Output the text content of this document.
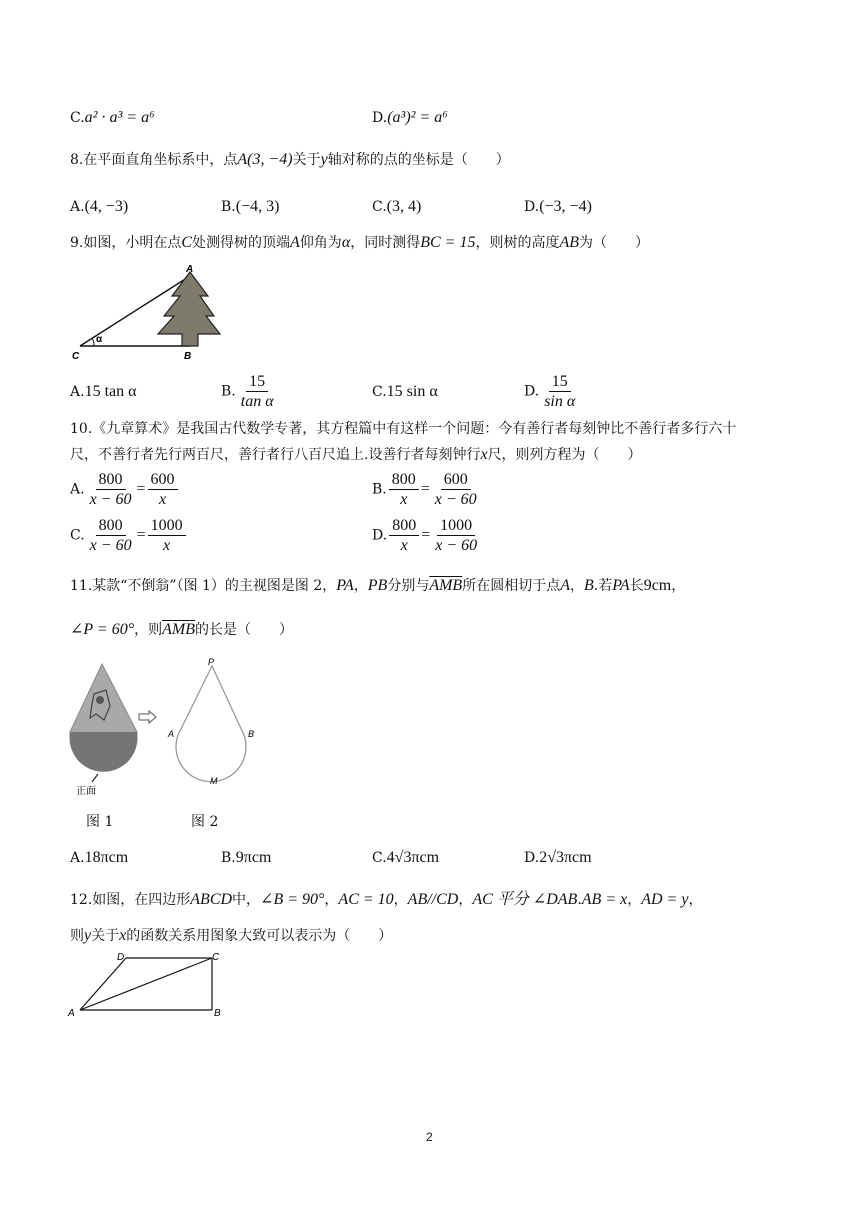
C.a² · a³ = a⁶	D.(a³)² = a⁶
8.在平面直角坐标系中，点A(3, −4)关于y轴对称的点的坐标是（　　）
A.(4, −3)	B.(−4, 3)	C.(3, 4)	D.(−3, −4)
9.如图，小明在点C处测得树的顶端A仰角为α，同时测得BC = 15，则树的高度AB为（　　）
α
A
B
C
A.15 tan α	B. $\frac{15}{\text{tan α}}$	C.15 sin α	D. $\frac{15}{\text{sin α}}$
10.《九章算术》是我国古代数学专著，其方程篇中有这样一个问题：今有善行者每刻钟比不善行者多行六十
尺，不善行者先行两百尺，善行者行八百尺追上.设善行者每刻钟行x尺，则列方程为（　　）
A. $\frac{800}{x - 60} = \frac{600}{x}$	B. $\frac{800}{x} = \frac{600}{x - 60}$
C. $\frac{800}{x - 60} = \frac{1000}{x}$	D. $\frac{800}{x} = \frac{1000}{x - 60}$
11.某款“不倒翁”（图 1）的主视图是图 2，PA，PB分别与$\overline{AMB}$所在圆相切于点A，B.若PA长9cm，
∠P = 60°，则$\overline{AMB}$的长是（　　）
正面
P
A	B
M
图 1	图 2
A.18πcm	B.9πcm	C.4√3πcm	D.2√3πcm
12.如图，在四边形ABCD中，∠B = 90°，AC = 10，AB//CD，AC 平分 ∠DAB.AB = x，AD = y，
则y关于x的函数关系用图象大致可以表示为（　　）
A	B
C
D
2
